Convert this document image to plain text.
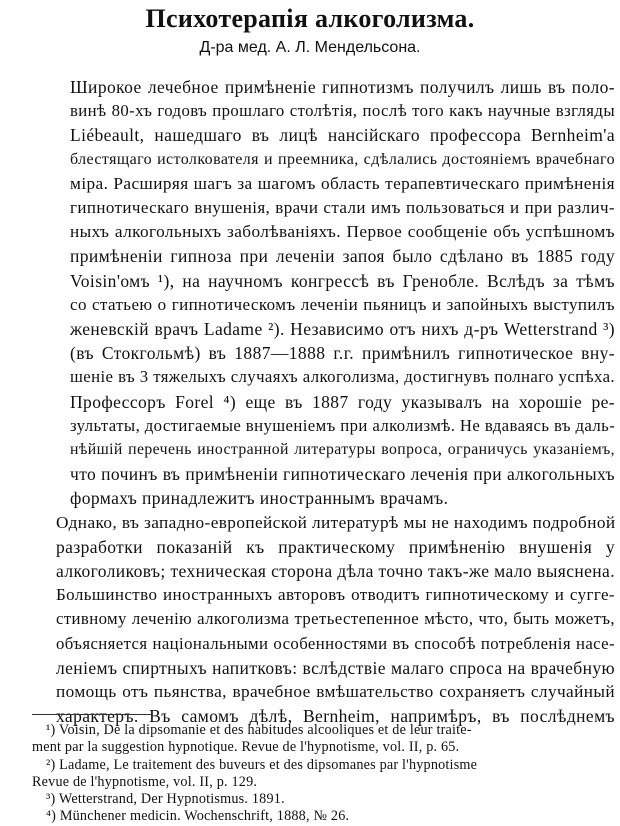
Психотерапія алкоголизма.
Д-ра мед. А. Л. Мендельсона.

Широкое лечебное примѣненіе гипнотизмъ получилъ лишь въ поло-
винѣ 80-хъ годовъ прошлаго столѣтія, послѣ того какъ научные взгляды
Liébeault, нашедшаго въ лицѣ нансійскаго профессора Bernheim'а
блестящаго истолкователя и преемника, сдѣлались достояніемъ врачебнаго
міра. Расширяя шагъ за шагомъ область терапевтическаго примѣненія
гипнотическаго внушенія, врачи стали имъ пользоваться и при различ-
ныхъ алкогольныхъ заболѣваніяхъ. Первое сообщеніе объ успѣшномъ
примѣненіи гипноза при леченіи запоя было сдѣлано въ 1885 году
Voisin'омъ ¹), на научномъ конгрессѣ въ Гренобле. Вслѣдъ за тѣмъ
со статьею о гипнотическомъ леченіи пьяницъ и запойныхъ выступилъ
женевскій врачъ Ladame ²). Независимо отъ нихъ д-ръ Wetterstrand ³)
(въ Стокгольмѣ) въ 1887—1888 г.г. примѣнилъ гипнотическое вну-
шеніе въ 3 тяжелыхъ случаяхъ алкоголизма, достигнувъ полнаго успѣха.
Профессоръ Forel ⁴) еще въ 1887 году указывалъ на хорошіе ре-
зультаты, достигаемые внушеніемъ при алколизмѣ. Не вдаваясь въ даль-
нѣйшій перечень иностранной литературы вопроса, ограничусь указаніемъ,
что починъ въ примѣненіи гипнотическаго леченія при алкогольныхъ
формахъ принадлежитъ иностраннымъ врачамъ.

Однако, въ западно-европейской литературѣ мы не находимъ подробной
разработки показаній къ практическому примѣненію внушенія у
алкоголиковъ; техническая сторона дѣла точно такъ-же мало выяснена.
Большинство иностранныхъ авторовъ отводитъ гипнотическому и сугге-
стивному леченію алкоголизма третьестепенное мѣсто, что, быть можетъ,
объясняется національными особенностями въ способѣ потребленія насе-
леніемъ спиртныхъ напитковъ: вслѣдствіе малаго спроса на врачебную
помощь отъ пьянства, врачебное вмѣшательство сохраняетъ случайный
характеръ. Въ самомъ дѣлѣ, Bernheim, напримѣръ, въ послѣднемъ

¹) Voisin, De la dipsomanie et des habitudes alcooliques et de leur traite-
ment par la suggestion hypnotique. Revue de l'hypnotisme, vol. II, p. 65.
²) Ladame, Le traitement des buveurs et des dipsomanes par l'hypnotisme
Revue de l'hypnotisme, vol. II, p. 129.
³) Wetterstrand, Der Hypnotismus. 1891.
⁴) Münchener medicin. Wochenschrift, 1888, № 26.
